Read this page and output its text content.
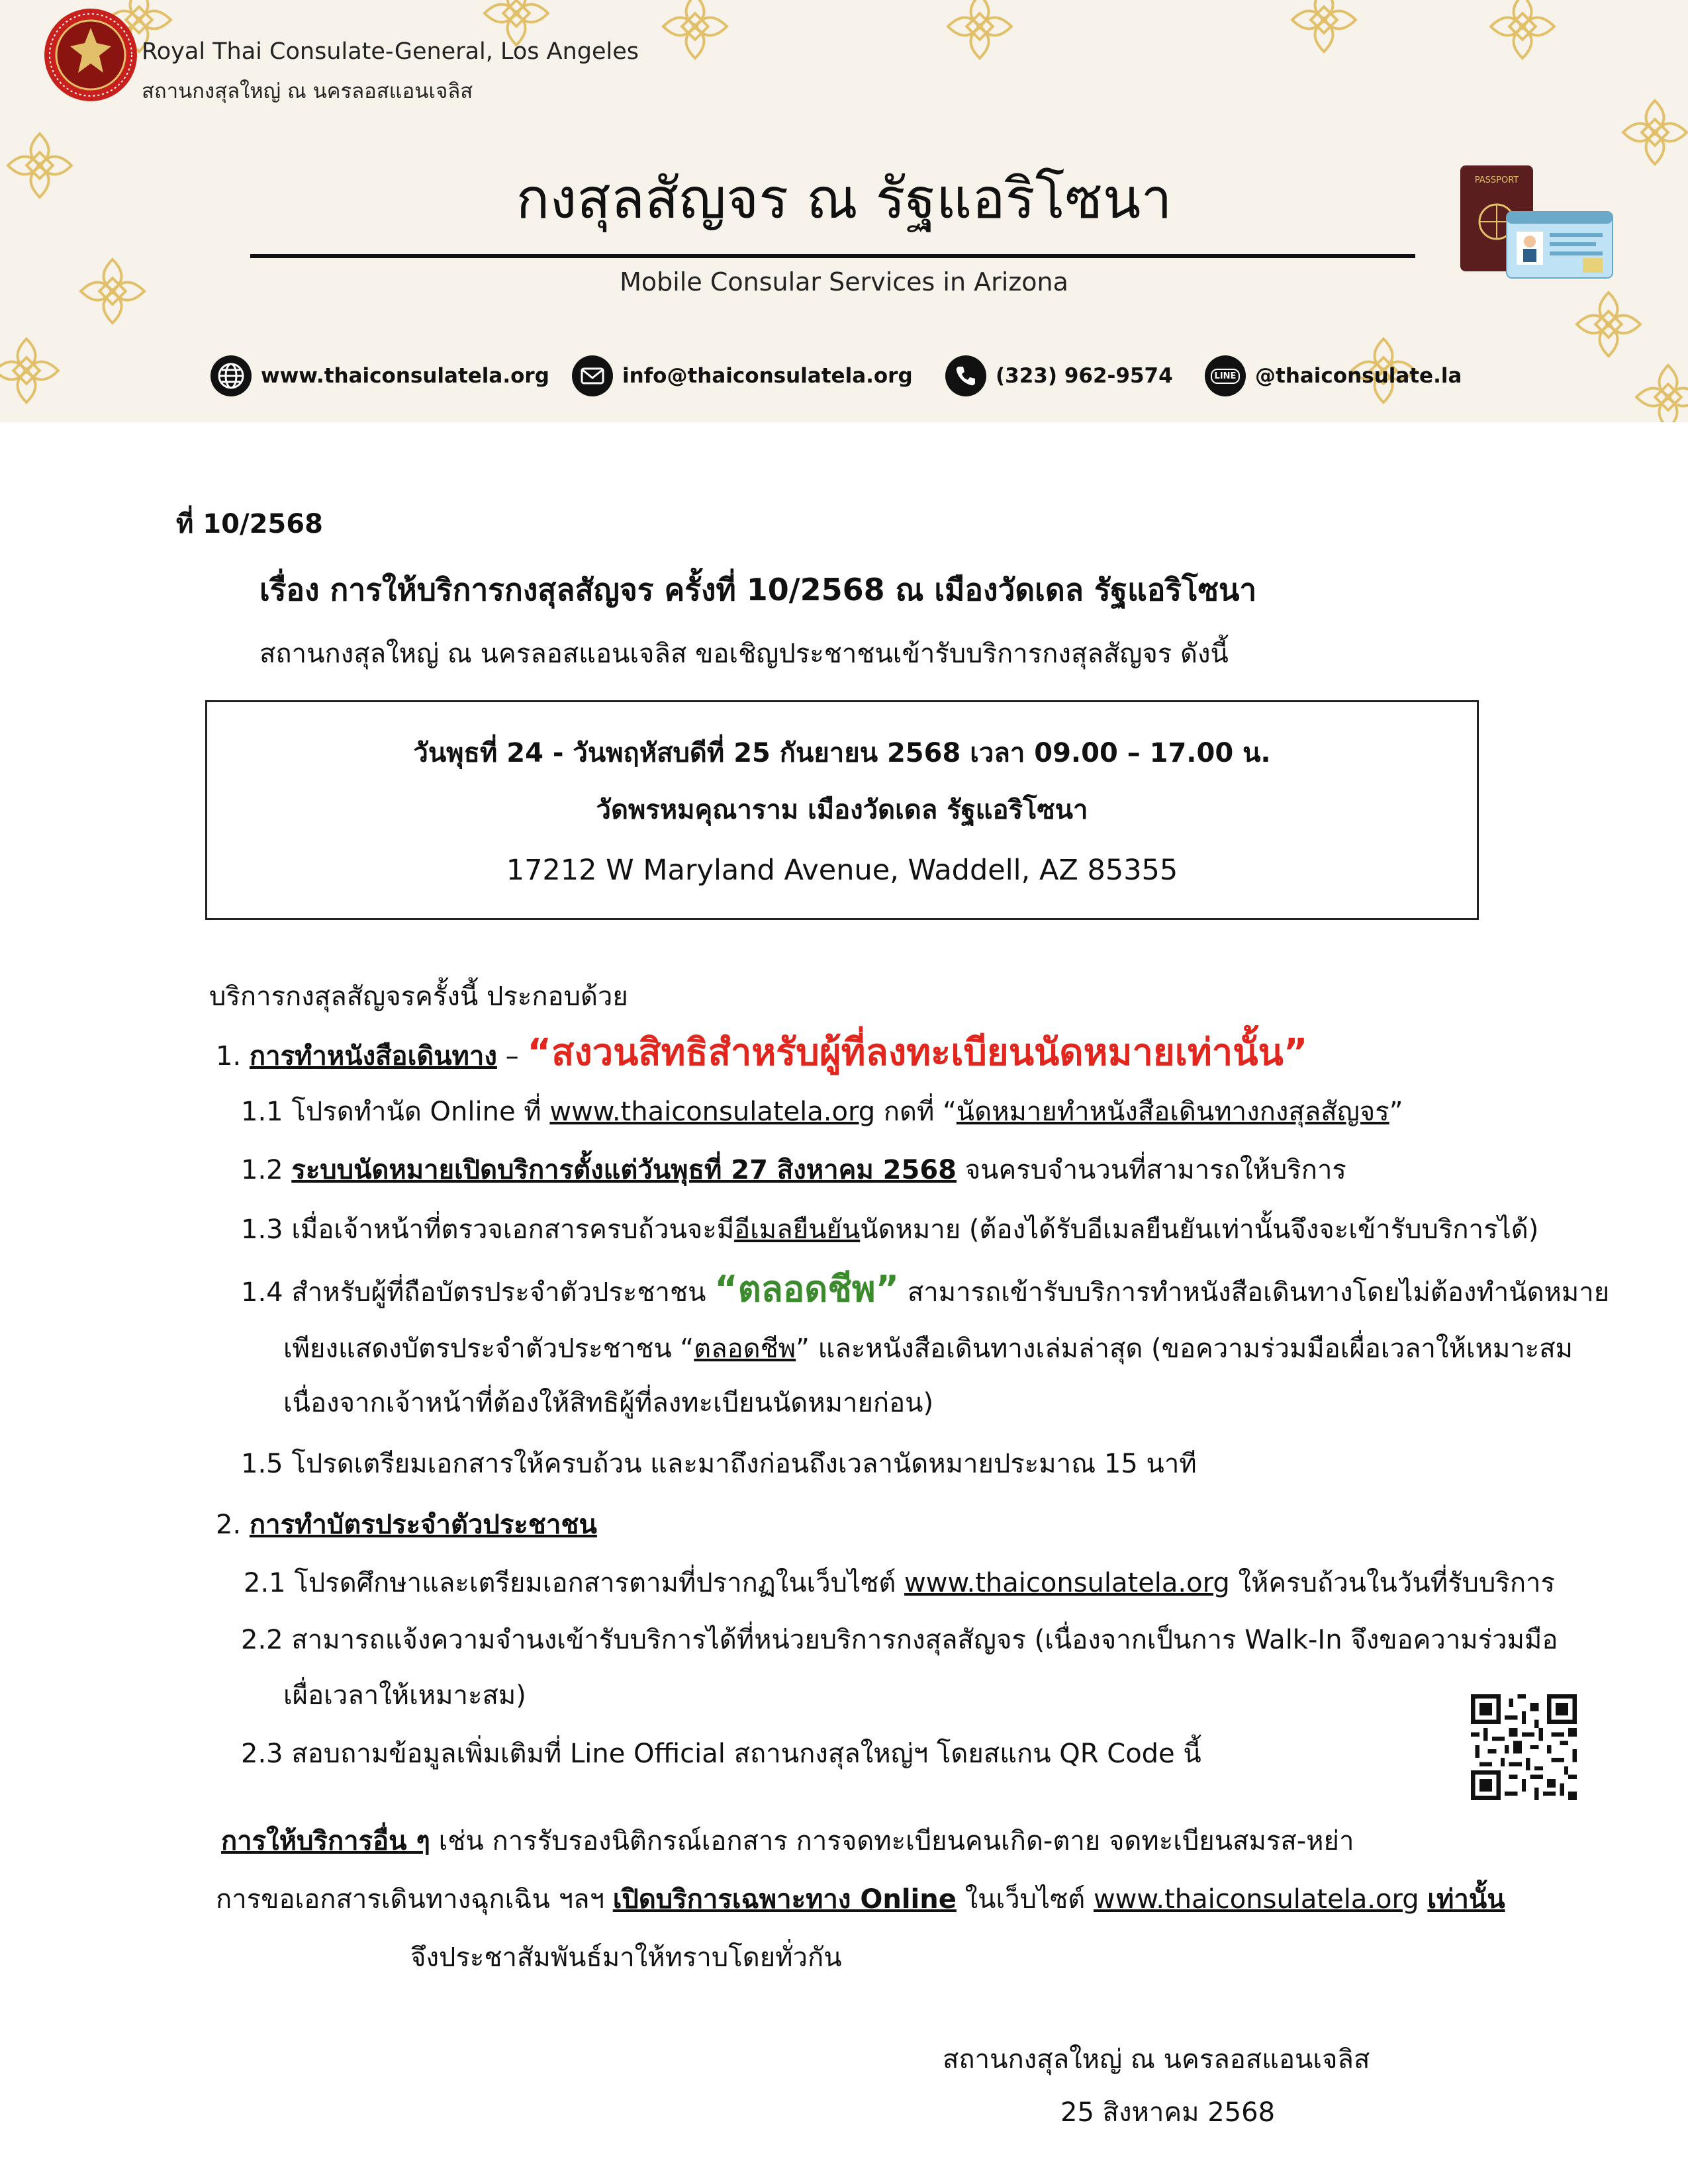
Royal Thai Consulate-General, Los Angeles
สถานกงสุลใหญ่ ณ นครลอสแอนเจลิส
กงสุลสัญจร ณ รัฐแอริโซนา
Mobile Consular Services in Arizona
PASSPORT
www.thaiconsulatela.org	info@thaiconsulatela.org	(323) 962-9574	LINE @thaiconsulate.la
ที่ 10/2568
เรื่อง การให้บริการกงสุลสัญจร ครั้งที่ 10/2568 ณ เมืองวัดเดล รัฐแอริโซนา
สถานกงสุลใหญ่ ณ นครลอสแอนเจลิส ขอเชิญประชาชนเข้ารับบริการกงสุลสัญจร ดังนี้
วันพุธที่ 24 - วันพฤหัสบดีที่ 25 กันยายน 2568 เวลา 09.00 – 17.00 น.
วัดพรหมคุณาราม เมืองวัดเดล รัฐแอริโซนา
17212 W Maryland Avenue, Waddell, AZ 85355
บริการกงสุลสัญจรครั้งนี้ ประกอบด้วย
1. การทำหนังสือเดินทาง – “สงวนสิทธิสำหรับผู้ที่ลงทะเบียนนัดหมายเท่านั้น”
1.1 โปรดทำนัด Online ที่ www.thaiconsulatela.org กดที่ “นัดหมายทำหนังสือเดินทางกงสุลสัญจร”
1.2 ระบบนัดหมายเปิดบริการตั้งแต่วันพุธที่ 27 สิงหาคม 2568 จนครบจำนวนที่สามารถให้บริการ
1.3 เมื่อเจ้าหน้าที่ตรวจเอกสารครบถ้วนจะมีอีเมลยืนยันนัดหมาย (ต้องได้รับอีเมลยืนยันเท่านั้นจึงจะเข้ารับบริการได้)
1.4 สำหรับผู้ที่ถือบัตรประจำตัวประชาชน “ตลอดชีพ” สามารถเข้ารับบริการทำหนังสือเดินทางโดยไม่ต้องทำนัดหมาย
เพียงแสดงบัตรประจำตัวประชาชน “ตลอดชีพ” และหนังสือเดินทางเล่มล่าสุด (ขอความร่วมมือเผื่อเวลาให้เหมาะสม
เนื่องจากเจ้าหน้าที่ต้องให้สิทธิผู้ที่ลงทะเบียนนัดหมายก่อน)
1.5 โปรดเตรียมเอกสารให้ครบถ้วน และมาถึงก่อนถึงเวลานัดหมายประมาณ 15 นาที
2. การทำบัตรประจำตัวประชาชน
2.1 โปรดศึกษาและเตรียมเอกสารตามที่ปรากฏในเว็บไซต์ www.thaiconsulatela.org ให้ครบถ้วนในวันที่รับบริการ
2.2 สามารถแจ้งความจำนงเข้ารับบริการได้ที่หน่วยบริการกงสุลสัญจร (เนื่องจากเป็นการ Walk-In จึงขอความร่วมมือ
เผื่อเวลาให้เหมาะสม)
2.3 สอบถามข้อมูลเพิ่มเติมที่ Line Official สถานกงสุลใหญ่ฯ โดยสแกน QR Code นี้
การให้บริการอื่น ๆ เช่น การรับรองนิติกรณ์เอกสาร การจดทะเบียนคนเกิด-ตาย จดทะเบียนสมรส-หย่า
การขอเอกสารเดินทางฉุกเฉิน ฯลฯ เปิดบริการเฉพาะทาง Online ในเว็บไซต์ www.thaiconsulatela.org เท่านั้น
จึงประชาสัมพันธ์มาให้ทราบโดยทั่วกัน
สถานกงสุลใหญ่ ณ นครลอสแอนเจลิส
25 สิงหาคม 2568
